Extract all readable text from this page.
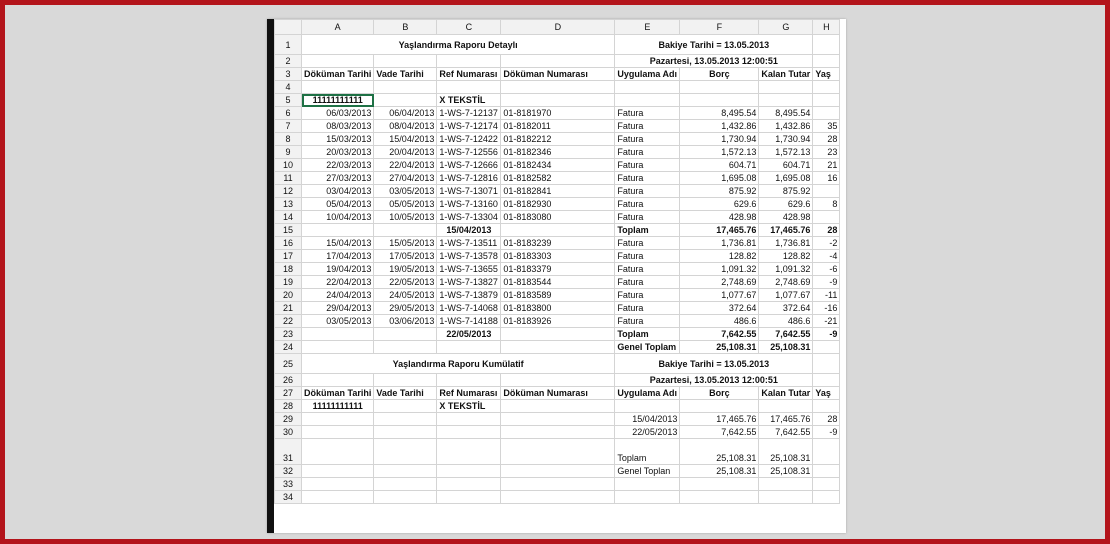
	A	B	C	D	E	F	G	H
1	Yaşlandırma Raporu Detaylı				Bakiye Tarihi = 13.05.2013			
2					Pazartesi, 13.05.2013 12:00:51			
3	Döküman Tarihi	Vade Tarihi	Ref Numarası	Döküman Numarası	Uygulama Adı	Borç	Kalan Tutar	Yaş
4								
5	11111111111		X TEKSTİL					
6	06/03/2013	06/04/2013	1-WS-7-12137	01-8181970	Fatura	8,495.54	8,495.54	
7	08/03/2013	08/04/2013	1-WS-7-12174	01-8182011	Fatura	1,432.86	1,432.86	35
8	15/03/2013	15/04/2013	1-WS-7-12422	01-8182212	Fatura	1,730.94	1,730.94	28
9	20/03/2013	20/04/2013	1-WS-7-12556	01-8182346	Fatura	1,572.13	1,572.13	23
10	22/03/2013	22/04/2013	1-WS-7-12666	01-8182434	Fatura	604.71	604.71	21
11	27/03/2013	27/04/2013	1-WS-7-12816	01-8182582	Fatura	1,695.08	1,695.08	16
12	03/04/2013	03/05/2013	1-WS-7-13071	01-8182841	Fatura	875.92	875.92	
13	05/04/2013	05/05/2013	1-WS-7-13160	01-8182930	Fatura	629.6	629.6	8
14	10/04/2013	10/05/2013	1-WS-7-13304	01-8183080	Fatura	428.98	428.98	
15			15/04/2013		Toplam	17,465.76	17,465.76	28
16	15/04/2013	15/05/2013	1-WS-7-13511	01-8183239	Fatura	1,736.81	1,736.81	-2
17	17/04/2013	17/05/2013	1-WS-7-13578	01-8183303	Fatura	128.82	128.82	-4
18	19/04/2013	19/05/2013	1-WS-7-13655	01-8183379	Fatura	1,091.32	1,091.32	-6
19	22/04/2013	22/05/2013	1-WS-7-13827	01-8183544	Fatura	2,748.69	2,748.69	-9
20	24/04/2013	24/05/2013	1-WS-7-13879	01-8183589	Fatura	1,077.67	1,077.67	-11
21	29/04/2013	29/05/2013	1-WS-7-14068	01-8183800	Fatura	372.64	372.64	-16
22	03/05/2013	03/06/2013	1-WS-7-14188	01-8183926	Fatura	486.6	486.6	-21
23			22/05/2013		Toplam	7,642.55	7,642.55	-9
24					Genel Toplam	25,108.31	25,108.31	
25	Yaşlandırma Raporu Kumülatif				Bakiye Tarihi = 13.05.2013			
26					Pazartesi, 13.05.2013 12:00:51			
27	Döküman Tarihi	Vade Tarihi	Ref Numarası	Döküman Numarası	Uygulama Adı	Borç	Kalan Tutar	Yaş
28	11111111111		X TEKSTİL					
29					15/04/2013	17,465.76	17,465.76	28
30					22/05/2013	7,642.55	7,642.55	-9
31					Toplam	25,108.31	25,108.31	
32					Genel Toplan	25,108.31	25,108.31	
33								
34								
